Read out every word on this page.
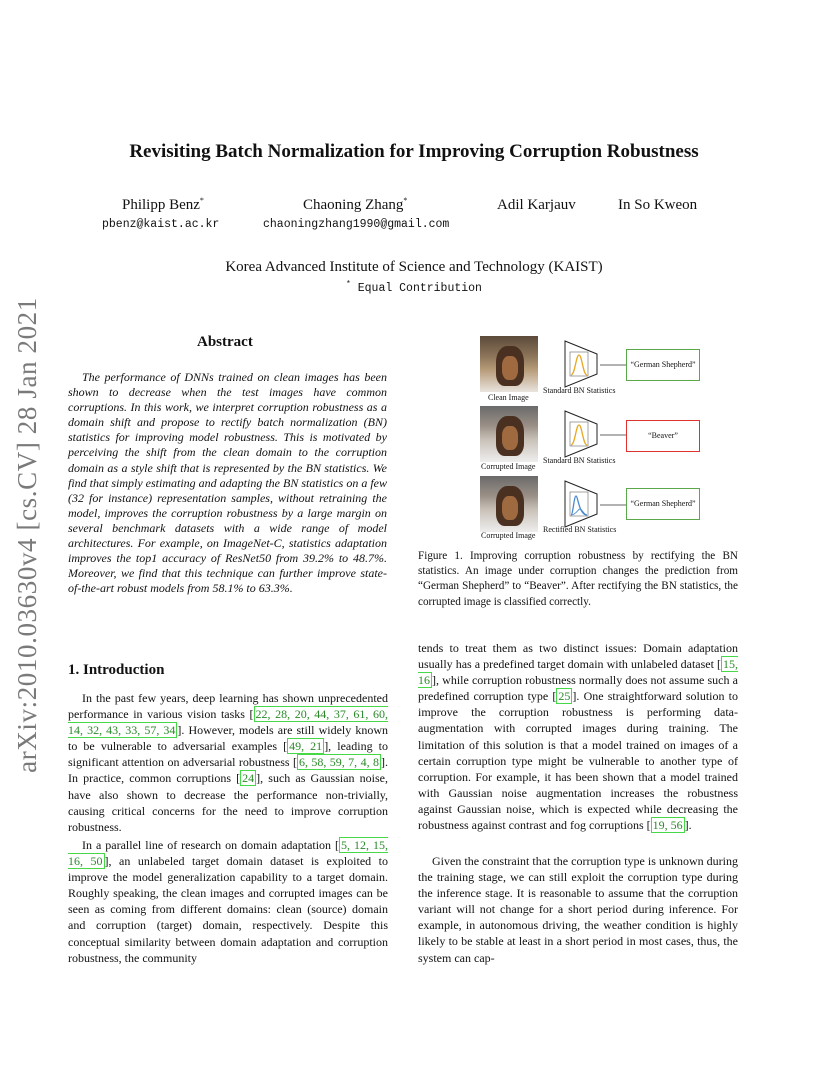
arXiv:2010.03630v4 [cs.CV] 28 Jan 2021
Revisiting Batch Normalization for Improving Corruption Robustness
Philipp Benz*	Chaoning Zhang*	Adil Karjauv	In So Kweon
pbenz@kaist.ac.kr	chaoningzhang1990@gmail.com
Korea Advanced Institute of Science and Technology (KAIST)
* Equal Contribution
Abstract
The performance of DNNs trained on clean images has been shown to decrease when the test images have common corruptions. In this work, we interpret corruption robustness as a domain shift and propose to rectify batch normalization (BN) statistics for improving model robustness. This is motivated by perceiving the shift from the clean domain to the corruption domain as a style shift that is represented by the BN statistics. We find that simply estimating and adapting the BN statistics on a few (32 for instance) representation samples, without retraining the model, improves the corruption robustness by a large margin on several benchmark datasets with a wide range of model architectures. For example, on ImageNet-C, statistics adaptation improves the top1 accuracy of ResNet50 from 39.2% to 48.7%. Moreover, we find that this technique can further improve state-of-the-art robust models from 58.1% to 63.3%.
Clean Image
Standard BN Statistics
“German Shepherd”
Corrupted Image
Standard BN Statistics
“Beaver”
Corrupted Image
Rectified BN Statistics
“German Shepherd”
Figure 1. Improving corruption robustness by rectifying the BN statistics. An image under corruption changes the prediction from “German Shepherd” to “Beaver”. After rectifying the BN statistics, the corrupted image is classified correctly.
1. Introduction
In the past few years, deep learning has shown unprecedented performance in various vision tasks [ 22, 28, 20, 44, 37, 61, 60, 14, 32, 43, 33, 57, 34 ]. However, models are still widely known to be vulnerable to adversarial examples [ 49, 21 ], leading to significant attention on adversarial robustness [ 6, 58, 59, 7, 4, 8 ]. In practice, common corruptions [ 24 ], such as Gaussian noise, have also shown to decrease the performance non-trivially, causing critical concerns for the need to improve corruption robustness.
In a parallel line of research on domain adaptation [ 5, 12, 15, 16, 50 ], an unlabeled target domain dataset is exploited to improve the model generalization capability to a target domain. Roughly speaking, the clean images and corrupted images can be seen as coming from different domains: clean (source) domain and corruption (target) domain, respectively. Despite this conceptual similarity between domain adaptation and corruption robustness, the community
tends to treat them as two distinct issues: Domain adaptation usually has a predefined target domain with unlabeled dataset [ 15, 16 ], while corruption robustness normally does not assume such a predefined corruption type [ 25 ]. One straightforward solution to improve the corruption robustness is performing data-augmentation with corrupted images during training. The limitation of this solution is that a model trained on images of a certain corruption type might be vulnerable to another type of corruption. For example, it has been shown that a model trained with Gaussian noise augmentation increases the robustness against Gaussian noise, which is expected while decreasing the robustness against contrast and fog corruptions [ 19, 56 ].
Given the constraint that the corruption type is unknown during the training stage, we can still exploit the corruption type during the inference stage. It is reasonable to assume that the corruption variant will not change for a short period during inference. For example, in autonomous driving, the weather condition is highly likely to be stable at least in a short period in most cases, thus, the system can cap-
